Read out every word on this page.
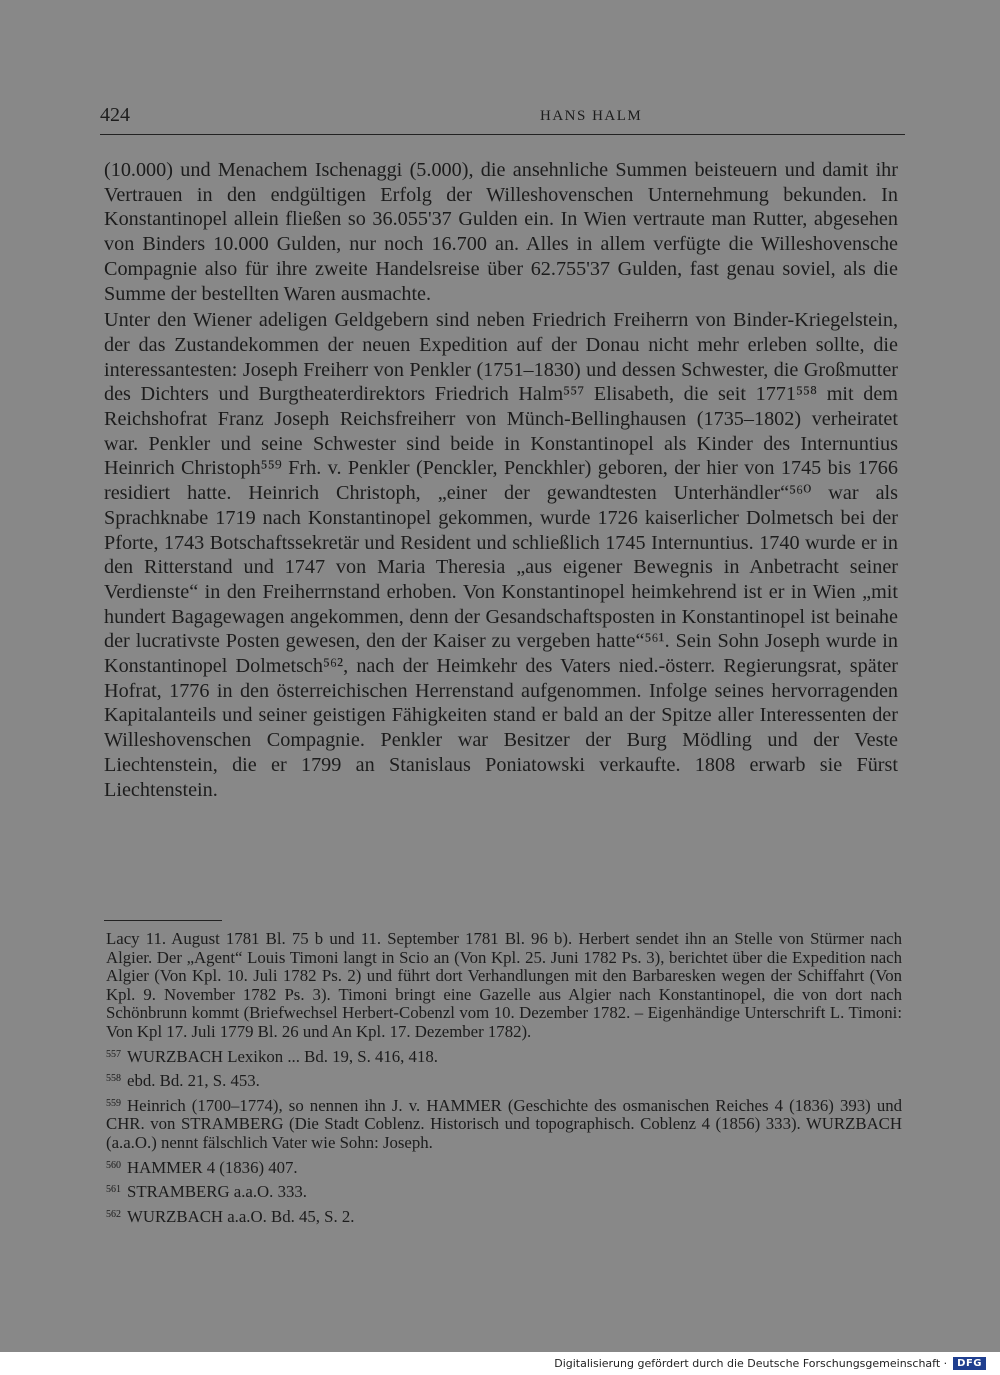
424	HANS HALM

(10.000) und Menachem Ischenaggi (5.000), die ansehnliche Summen beisteuern und damit ihr Vertrauen in den endgültigen Erfolg der Willeshovenschen Unternehmung bekunden. In Konstantinopel allein fließen so 36.055'37 Gulden ein. In Wien vertraute man Rutter, abgesehen von Binders 10.000 Gulden, nur noch 16.700 an. Alles in allem verfügte die Willeshovensche Compagnie also für ihre zweite Handelsreise über 62.755'37 Gulden, fast genau soviel, als die Summe der bestellten Waren ausmachte.

Unter den Wiener adeligen Geldgebern sind neben Friedrich Freiherrn von Binder-Kriegelstein, der das Zustandekommen der neuen Expedition auf der Donau nicht mehr erleben sollte, die interessantesten: Joseph Freiherr von Penkler (1751–1830) und dessen Schwester, die Großmutter des Dichters und Burgtheaterdirektors Friedrich Halm⁵⁵⁷ Elisabeth, die seit 1771⁵⁵⁸ mit dem Reichshofrat Franz Joseph Reichsfreiherr von Münch-Bellinghausen (1735–1802) verheiratet war. Penkler und seine Schwester sind beide in Konstantinopel als Kinder des Internuntius Heinrich Christoph⁵⁵⁹ Frh. v. Penkler (Penckler, Penckhler) geboren, der hier von 1745 bis 1766 residiert hatte. Heinrich Christoph, „einer der gewandtesten Unterhändler“⁵⁶⁰ war als Sprachknabe 1719 nach Konstantinopel gekommen, wurde 1726 kaiserlicher Dolmetsch bei der Pforte, 1743 Botschaftssekretär und Resident und schließlich 1745 Internuntius. 1740 wurde er in den Ritterstand und 1747 von Maria Theresia „aus eigener Bewegnis in Anbetracht seiner Verdienste“ in den Freiherrnstand erhoben. Von Konstantinopel heimkehrend ist er in Wien „mit hundert Bagagewagen angekommen, denn der Gesandschaftsposten in Konstantinopel ist beinahe der lucrativste Posten gewesen, den der Kaiser zu vergeben hatte“⁵⁶¹. Sein Sohn Joseph wurde in Konstantinopel Dolmetsch⁵⁶², nach der Heimkehr des Vaters nied.-österr. Regierungsrat, später Hofrat, 1776 in den österreichischen Herrenstand aufgenommen. Infolge seines hervorragenden Kapitalanteils und seiner geistigen Fähigkeiten stand er bald an der Spitze aller Interessenten der Willeshovenschen Compagnie. Penkler war Besitzer der Burg Mödling und der Veste Liechtenstein, die er 1799 an Stanislaus Poniatowski verkaufte. 1808 erwarb sie Fürst Liechtenstein.

Lacy 11. August 1781 Bl. 75 b und 11. September 1781 Bl. 96 b). Herbert sendet ihn an Stelle von Stürmer nach Algier. Der „Agent“ Louis Timoni langt in Scio an (Von Kpl. 25. Juni 1782 Ps. 3), berichtet über die Expedition nach Algier (Von Kpl. 10. Juli 1782 Ps. 2) und führt dort Verhandlungen mit den Barbaresken wegen der Schiffahrt (Von Kpl. 9. November 1782 Ps. 3). Timoni bringt eine Gazelle aus Algier nach Konstantinopel, die von dort nach Schönbrunn kommt (Briefwechsel Herbert-Cobenzl vom 10. Dezember 1782. – Eigenhändige Unterschrift L. Timoni: Von Kpl 17. Juli 1779 Bl. 26 und An Kpl. 17. Dezember 1782).

$^{557}$ WURZBACH Lexikon ... Bd. 19, S. 416, 418.

$^{558}$ ebd. Bd. 21, S. 453.

$^{559}$ Heinrich (1700–1774), so nennen ihn J. v. HAMMER (Geschichte des osmanischen Reiches 4 (1836) 393) und CHR. von STRAMBERG (Die Stadt Coblenz. Historisch und topographisch. Coblenz 4 (1856) 333). WURZBACH (a.a.O.) nennt fälschlich Vater wie Sohn: Joseph.

$^{560}$ HAMMER 4 (1836) 407.

$^{561}$ STRAMBERG a.a.O. 333.

$^{562}$ WURZBACH a.a.O. Bd. 45, S. 2.

Digitalisierung gefördert durch die Deutsche Forschungsgemeinschaft ·	DFG
